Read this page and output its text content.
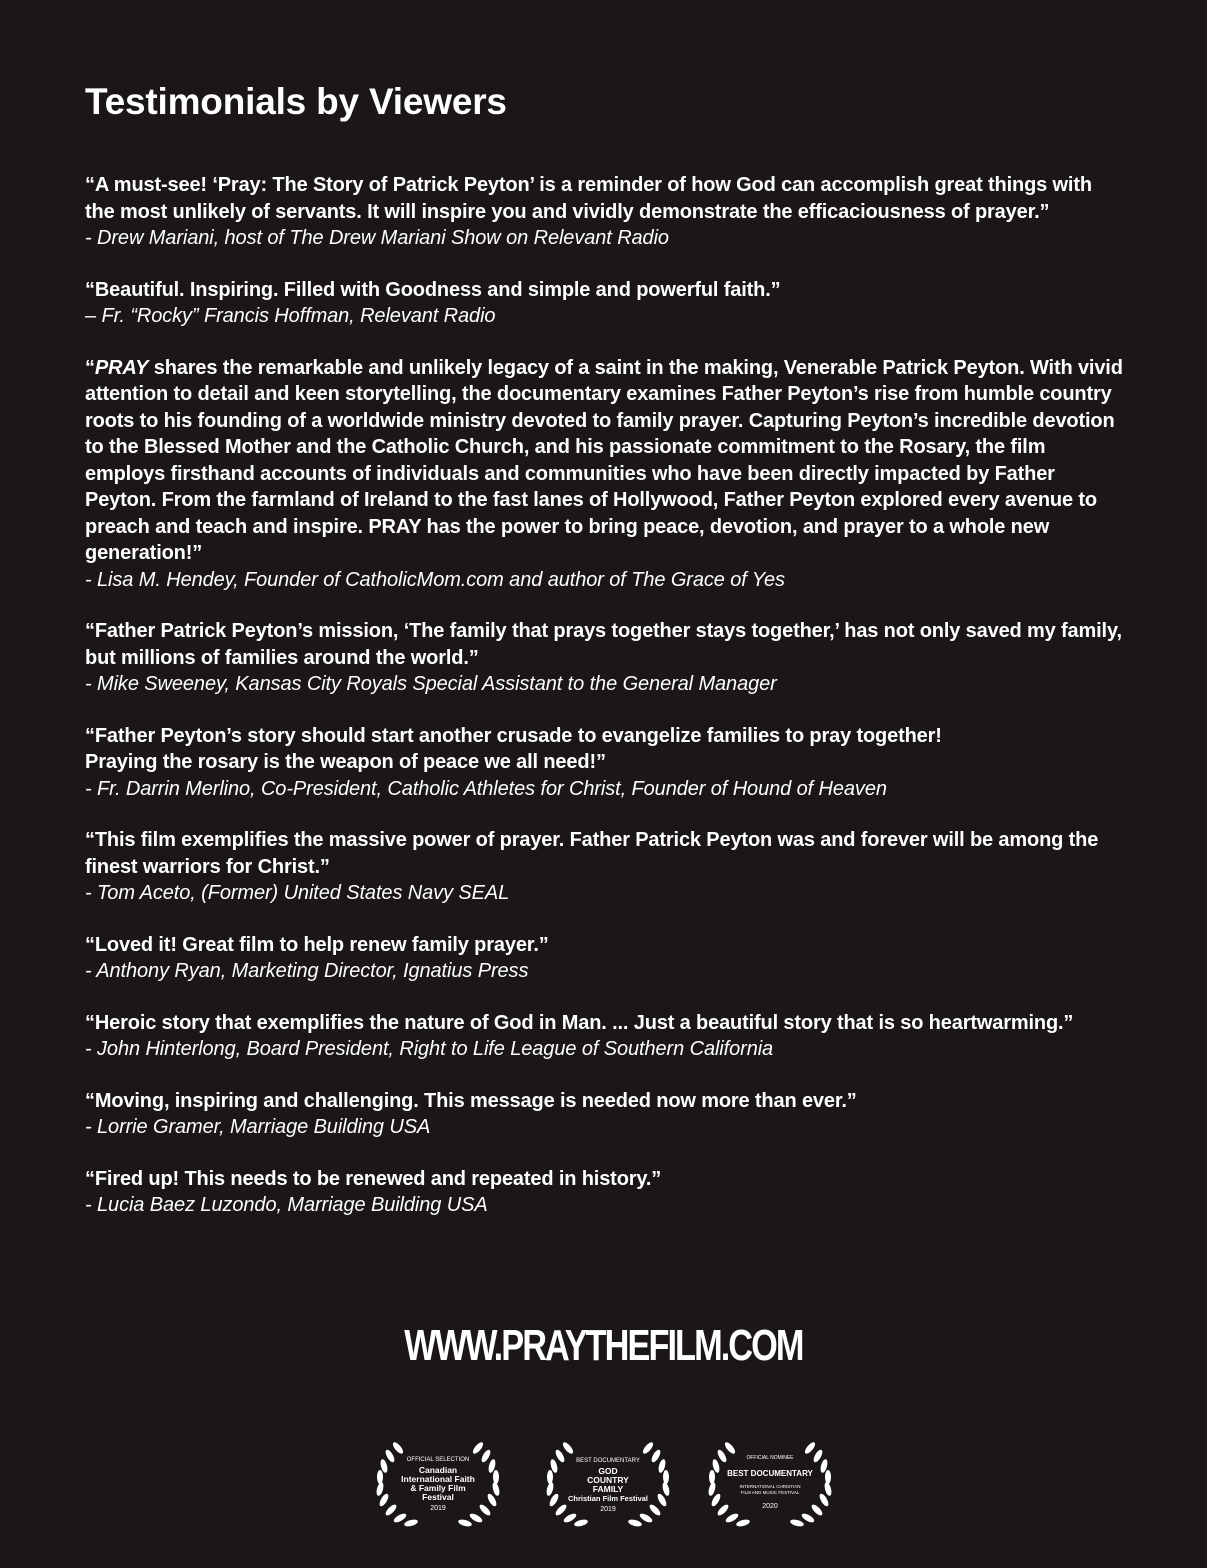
Testimonials by Viewers

“A must-see! ‘Pray: The Story of Patrick Peyton’ is a reminder of how God can accomplish great things with the most unlikely of servants. It will inspire you and vividly demonstrate the efficaciousness of prayer.”

- Drew Mariani, host of The Drew Mariani Show on Relevant Radio

“Beautiful. Inspiring. Filled with Goodness and simple and powerful faith.”

– Fr. “Rocky” Francis Hoffman, Relevant Radio

“PRAY shares the remarkable and unlikely legacy of a saint in the making, Venerable Patrick Peyton. With vivid attention to detail and keen storytelling, the documentary examines Father Peyton’s rise from humble country roots to his founding of a worldwide ministry devoted to family prayer. Capturing Peyton’s incredible devotion to the Blessed Mother and the Catholic Church, and his passionate commitment to the Rosary, the film employs firsthand accounts of individuals and communities who have been directly impacted by Father Peyton. From the farmland of Ireland to the fast lanes of Hollywood, Father Peyton explored every avenue to preach and teach and inspire. PRAY has the power to bring peace, devotion, and prayer to a whole new generation!”

- Lisa M. Hendey, Founder of CatholicMom.com and author of The Grace of Yes

“Father Patrick Peyton’s mission, ‘The family that prays together stays together,’ has not only saved my family, but millions of families around the world.”

- Mike Sweeney, Kansas City Royals Special Assistant to the General Manager

“Father Peyton’s story should start another crusade to evangelize families to pray together!
Praying the rosary is the weapon of peace we all need!”

- Fr. Darrin Merlino, Co-President, Catholic Athletes for Christ, Founder of Hound of Heaven

“This film exemplifies the massive power of prayer. Father Patrick Peyton was and forever will be among the finest warriors for Christ.”

- Tom Aceto, (Former) United States Navy SEAL

“Loved it! Great film to help renew family prayer.”

- Anthony Ryan, Marketing Director, Ignatius Press

“Heroic story that exemplifies the nature of God in Man. ... Just a beautiful story that is so heartwarming.”

- John Hinterlong, Board President, Right to Life League of Southern California

“Moving, inspiring and challenging. This message is needed now more than ever.”

- Lorrie Gramer, Marriage Building USA

“Fired up! This needs to be renewed and repeated in history.”

- Lucia Baez Luzondo, Marriage Building USA

WWW.PRAYTHEFILM.COM
OFFICIAL SELECTION
Canadian
International Faith
& Family Film
Festival
2019
BEST DOCUMENTARY
GOD
COUNTRY
FAMILY
Christian Film Festival
2019
OFFICIAL NOMINEE
BEST DOCUMENTARY
INTERNATIONAL CHRISTIAN FILM AND MUSIC FESTIVAL
2020
